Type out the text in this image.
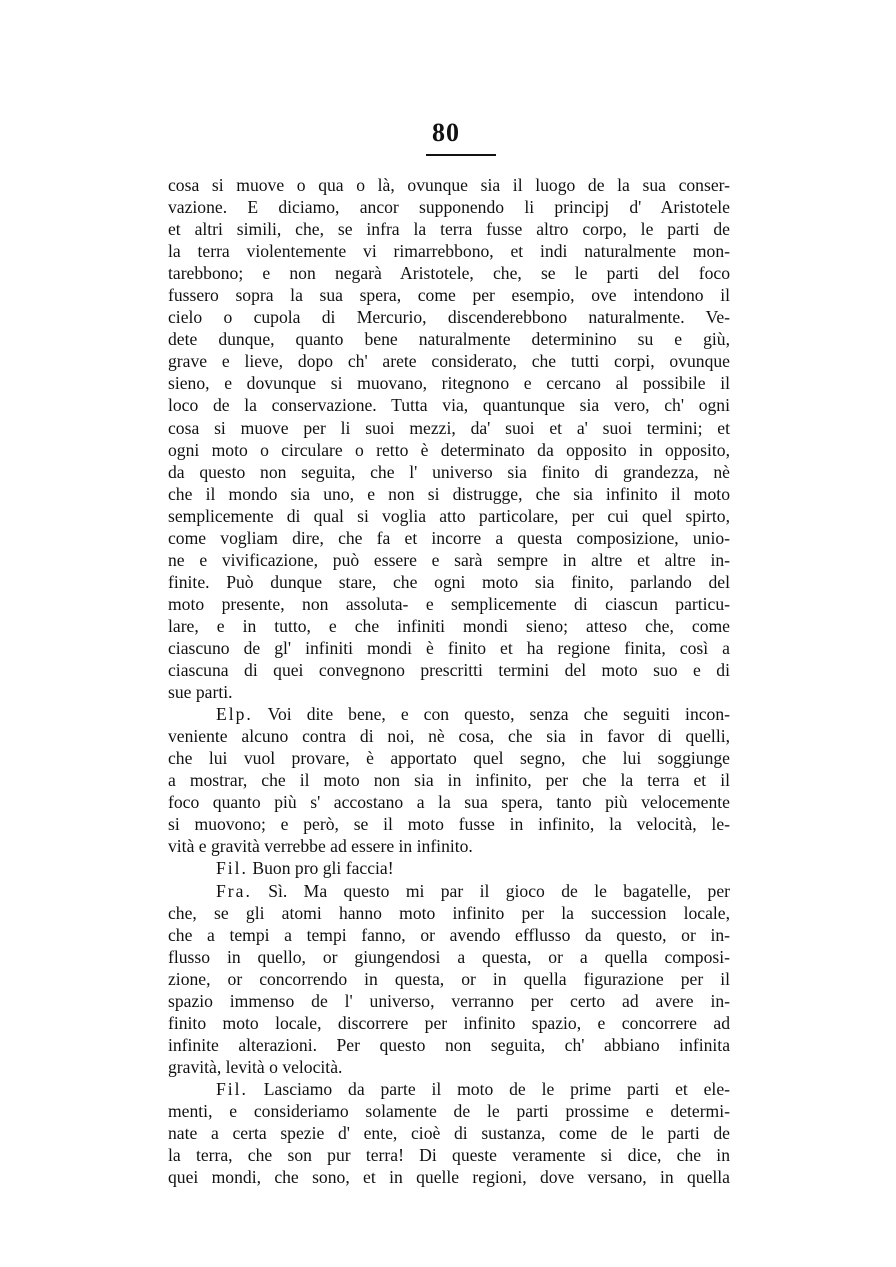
80
cosa si muove o qua o là, ovunque sia il luogo de la sua conser-
vazione. E diciamo, ancor supponendo li principj d' Aristotele
et altri simili, che, se infra la terra fusse altro corpo, le parti de
la terra violentemente vi rimarrebbono, et indi naturalmente mon-
tarebbono; e non negarà Aristotele, che, se le parti del foco
fussero sopra la sua spera, come per esempio, ove intendono il
cielo o cupola di Mercurio, discenderebbono naturalmente. Ve-
dete dunque, quanto bene naturalmente determinino su e giù,
grave e lieve, dopo ch' arete considerato, che tutti corpi, ovunque
sieno, e dovunque si muovano, ritegnono e cercano al possibile il
loco de la conservazione. Tutta via, quantunque sia vero, ch' ogni
cosa si muove per li suoi mezzi, da' suoi et a' suoi termini; et
ogni moto o circulare o retto è determinato da opposito in opposito,
da questo non seguita, che l' universo sia finito di grandezza, nè
che il mondo sia uno, e non si distrugge, che sia infinito il moto
semplicemente di qual si voglia atto particolare, per cui quel spirto,
come vogliam dire, che fa et incorre a questa composizione, unio-
ne e vivificazione, può essere e sarà sempre in altre et altre in-
finite. Può dunque stare, che ogni moto sia finito, parlando del
moto presente, non assoluta- e semplicemente di ciascun particu-
lare, e in tutto, e che infiniti mondi sieno; atteso che, come
ciascuno de gl' infiniti mondi è finito et ha regione finita, così a
ciascuna di quei convegnono prescritti termini del moto suo e di
sue parti.
Elp. Voi dite bene, e con questo, senza che seguiti incon-
veniente alcuno contra di noi, nè cosa, che sia in favor di quelli,
che lui vuol provare, è apportato quel segno, che lui soggiunge
a mostrar, che il moto non sia in infinito, per che la terra et il
foco quanto più s' accostano a la sua spera, tanto più velocemente
si muovono; e però, se il moto fusse in infinito, la velocità, le-
vità e gravità verrebbe ad essere in infinito.
Fil. Buon pro gli faccia!
Fra. Sì. Ma questo mi par il gioco de le bagatelle, per
che, se gli atomi hanno moto infinito per la succession locale,
che a tempi a tempi fanno, or avendo efflusso da questo, or in-
flusso in quello, or giungendosi a questa, or a quella composi-
zione, or concorrendo in questa, or in quella figurazione per il
spazio immenso de l' universo, verranno per certo ad avere in-
finito moto locale, discorrere per infinito spazio, e concorrere ad
infinite alterazioni. Per questo non seguita, ch' abbiano infinita
gravità, levità o velocità.
Fil. Lasciamo da parte il moto de le prime parti et ele-
menti, e consideriamo solamente de le parti prossime e determi-
nate a certa spezie d' ente, cioè di sustanza, come de le parti de
la terra, che son pur terra! Di queste veramente si dice, che in
quei mondi, che sono, et in quelle regioni, dove versano, in quella
